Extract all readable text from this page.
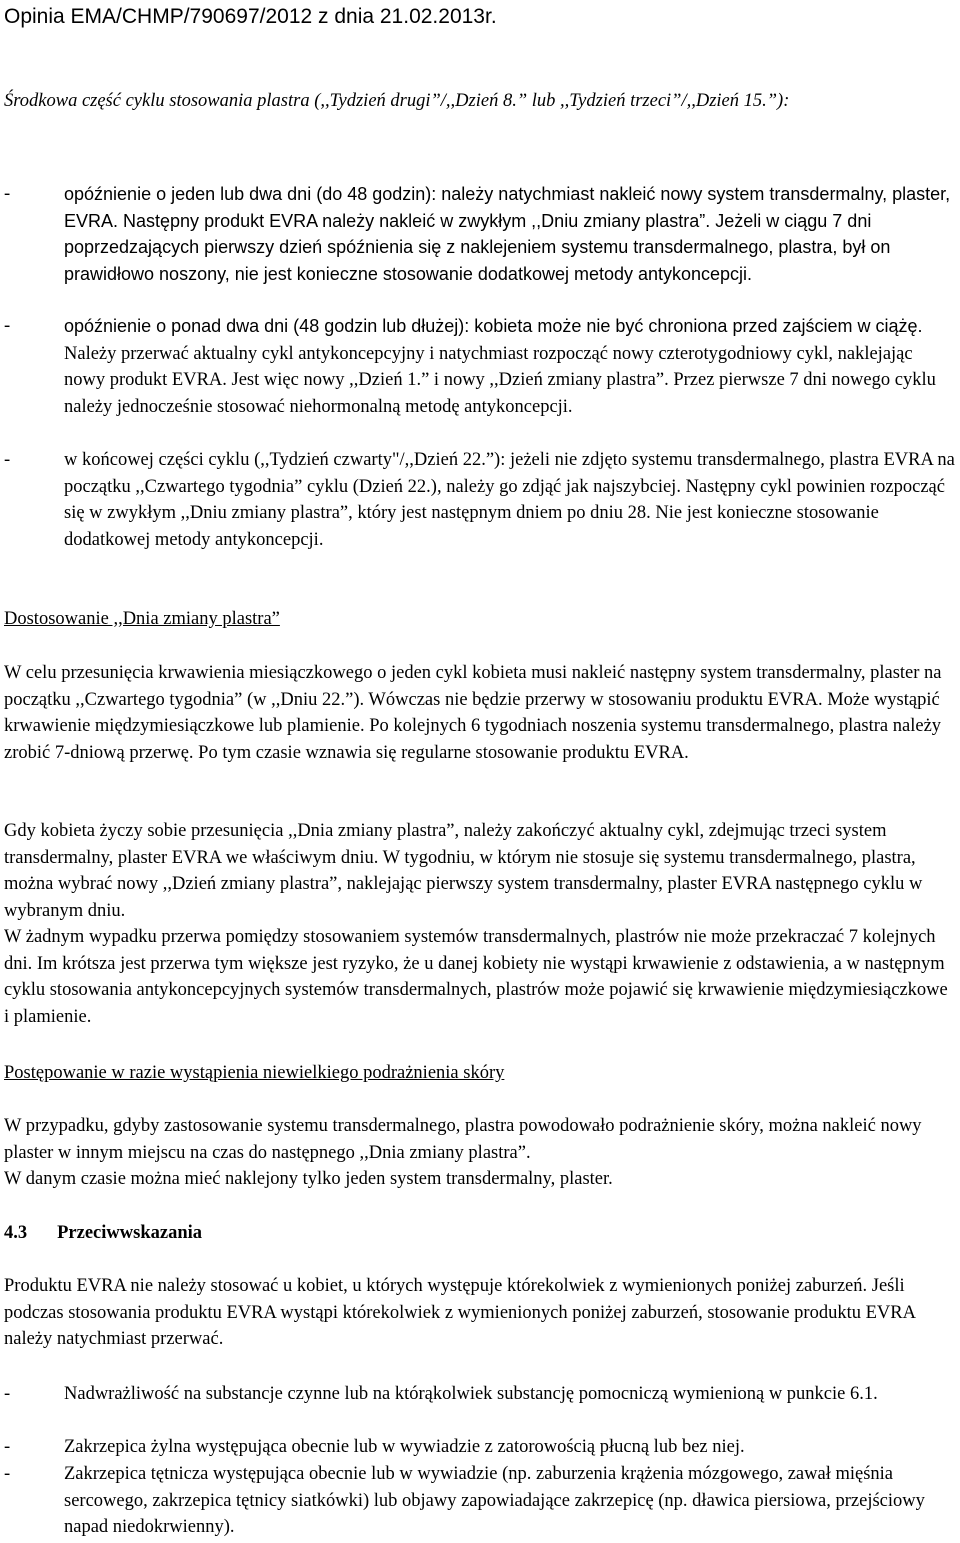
Opinia EMA/CHMP/790697/2012 z dnia 21.02.2013r.
Środkowa część cyklu stosowania plastra (,,Tydzień drugi”/,,Dzień 8.” lub ,,Tydzień trzeci”/,,Dzień 15.”):
-	opóźnienie o jeden lub dwa dni (do 48 godzin): należy natychmiast nakleić nowy system transdermalny, plaster, EVRA. Następny produkt EVRA należy nakleić w zwykłym ,,Dniu zmiany plastra”. Jeżeli w ciągu 7 dni poprzedzających pierwszy dzień spóźnienia się z naklejeniem systemu transdermalnego, plastra, był on prawidłowo noszony, nie jest konieczne stosowanie dodatkowej metody antykoncepcji.
-	opóźnienie o ponad dwa dni (48 godzin lub dłużej): kobieta może nie być chroniona przed zajściem w ciążę. Należy przerwać aktualny cykl antykoncepcyjny i natychmiast rozpocząć nowy czterotygodniowy cykl, naklejając nowy produkt EVRA. Jest więc nowy ,,Dzień 1.” i nowy ,,Dzień zmiany plastra”. Przez pierwsze 7 dni nowego cyklu należy jednocześnie stosować niehormonalną metodę antykoncepcji.
-	w końcowej części cyklu (,,Tydzień czwarty"/,,Dzień 22.”): jeżeli nie zdjęto systemu transdermalnego, plastra EVRA na początku ,,Czwartego tygodnia” cyklu (Dzień 22.), należy go zdjąć jak najszybciej. Następny cykl powinien rozpocząć się w zwykłym ,,Dniu zmiany plastra”, który jest następnym dniem po dniu 28. Nie jest konieczne stosowanie dodatkowej metody antykoncepcji.
Dostosowanie ,,Dnia zmiany plastra”

W celu przesunięcia krwawienia miesiączkowego o jeden cykl kobieta musi nakleić następny system transdermalny, plaster na początku ,,Czwartego tygodnia” (w ,,Dniu 22.”). Wówczas nie będzie przerwy w stosowaniu produktu EVRA. Może wystąpić krwawienie międzymiesiączkowe lub plamienie. Po kolejnych 6 tygodniach noszenia systemu transdermalnego, plastra należy zrobić 7-dniową przerwę. Po tym czasie wznawia się regularne stosowanie produktu EVRA.

Gdy kobieta życzy sobie przesunięcia ,,Dnia zmiany plastra”, należy zakończyć aktualny cykl, zdejmując trzeci system transdermalny, plaster EVRA we właściwym dniu. W tygodniu, w którym nie stosuje się systemu transdermalnego, plastra, można wybrać nowy ,,Dzień zmiany plastra”, naklejając pierwszy system transdermalny, plaster EVRA następnego cyklu w wybranym dniu.

W żadnym wypadku przerwa pomiędzy stosowaniem systemów transdermalnych, plastrów nie może przekraczać 7 kolejnych dni. Im krótsza jest przerwa tym większe jest ryzyko, że u danej kobiety nie wystąpi krwawienie z odstawienia, a w następnym cyklu stosowania antykoncepcyjnych systemów transdermalnych, plastrów może pojawić się krwawienie międzymiesiączkowe i plamienie.

Postępowanie w razie wystąpienia niewielkiego podrażnienia skóry

W przypadku, gdyby zastosowanie systemu transdermalnego, plastra powodowało podrażnienie skóry, można nakleić nowy plaster w innym miejscu na czas do następnego ,,Dnia zmiany plastra”.

W danym czasie można mieć naklejony tylko jeden system transdermalny, plaster.

4.3 Przeciwwskazania

Produktu EVRA nie należy stosować u kobiet, u których występuje którekolwiek z wymienionych poniżej zaburzeń. Jeśli podczas stosowania produktu EVRA wystąpi którekolwiek z wymienionych poniżej zaburzeń, stosowanie produktu EVRA należy natychmiast przerwać.

-	Nadwrażliwość na substancje czynne lub na którąkolwiek substancję pomocniczą wymienioną w punkcie 6.1.
-	Zakrzepica żylna występująca obecnie lub w wywiadzie z zatorowością płucną lub bez niej.
-	Zakrzepica tętnicza występująca obecnie lub w wywiadzie (np. zaburzenia krążenia mózgowego, zawał mięśnia sercowego, zakrzepica tętnicy siatkówki) lub objawy zapowiadające zakrzepicę (np. dławica piersiowa, przejściowy napad niedokrwienny).
